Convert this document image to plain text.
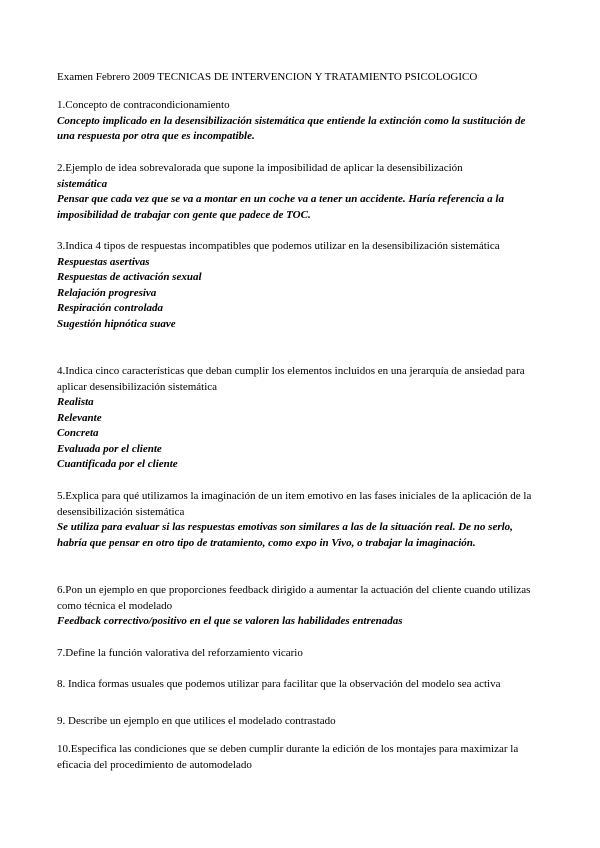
Examen Febrero 2009 TECNICAS DE INTERVENCION Y TRATAMIENTO PSICOLOGICO
1.Concepto de contracondicionamiento
Concepto implicado en la desensibilización sistemática que entiende la extinción como la sustitución de una respuesta por otra que es incompatible.
2.Ejemplo de idea sobrevalorada que supone la imposibilidad de aplicar la desensibilización
sistemática
Pensar que cada vez que se va a montar en un coche va a tener un accidente. Haría referencia a la imposibilidad de trabajar con gente que padece de TOC.
3.Indica 4 tipos de respuestas incompatibles que podemos utilizar en la desensibilización sistemática
Respuestas asertivas
Respuestas de activación sexual
Relajación progresiva
Respiración controlada
Sugestión hipnótica suave
4.Indica cinco características que deban cumplir los elementos incluidos en una jerarquía de ansiedad para aplicar desensibilización sistemática
Realista
Relevante
Concreta
Evaluada por el cliente
Cuantificada por el cliente
5.Explica para qué utilizamos la imaginación de un item emotivo en las fases iniciales de la aplicación de la desensibilización sistemática
Se utiliza para evaluar si las respuestas emotivas son similares a las de la situación real. De no serlo, habría que pensar en otro tipo de tratamiento, como expo in Vivo, o trabajar la imaginación.
6.Pon un ejemplo en que proporciones feedback dirigido a aumentar la actuación del cliente cuando utilizas como técnica el modelado
Feedback correctivo/positivo en el que se valoren las habilidades entrenadas
7.Define la función valorativa del reforzamiento vicario
8. Indica formas usuales que podemos utilizar para facilitar que la observación del modelo sea activa
9. Describe un ejemplo en que utilices el modelado contrastado
10.Especifica las condiciones que se deben cumplir durante la edición de los montajes para maximizar la eficacia del procedimiento de automodelado
